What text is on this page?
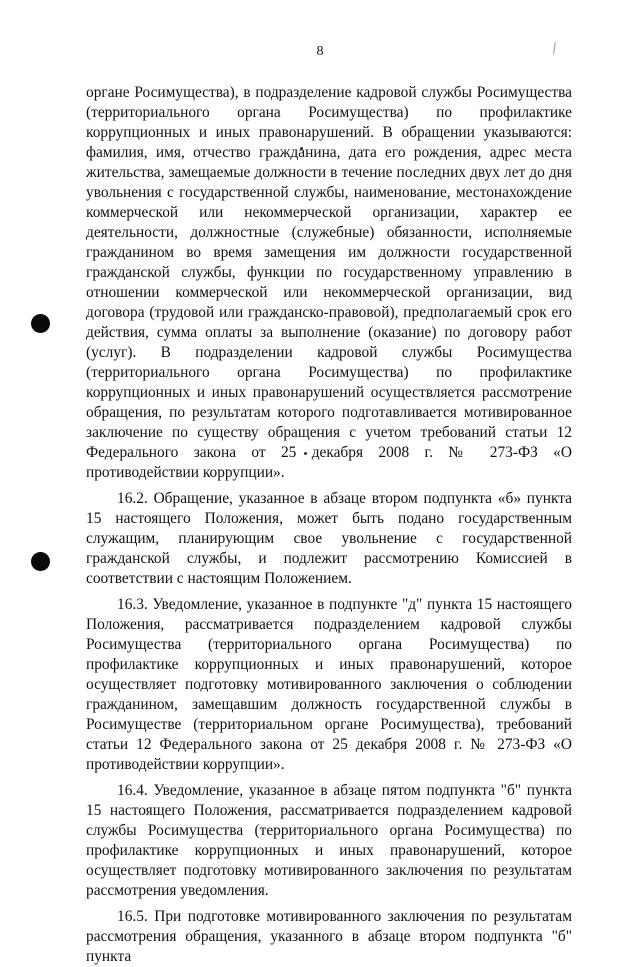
8

органе Росимущества), в подразделение кадровой службы Росимущества (территориального органа Росимущества) по профилактике коррупционных и иных правонарушений. В обращении указываются: фамилия, имя, отчество гражданина, дата его рождения, адрес места жительства, замещаемые должности в течение последних двух лет до дня увольнения с государственной службы, наименование, местонахождение коммерческой или некоммерческой организации, характер ее деятельности, должностные (служебные) обязанности, исполняемые гражданином во время замещения им должности государственной гражданской службы, функции по государственному управлению в отношении коммерческой или некоммерческой организации, вид договора (трудовой или гражданско-правовой), предполагаемый срок его действия, сумма оплаты за выполнение (оказание) по договору работ (услуг). В подразделении кадровой службы Росимущества (территориального органа Росимущества) по профилактике коррупционных и иных правонарушений осуществляется рассмотрение обращения, по результатам которого подготавливается мотивированное заключение по существу обращения с учетом требований статьи 12 Федерального закона от 25 декабря 2008 г. № 273-ФЗ «О противодействии коррупции».

16.2. Обращение, указанное в абзаце втором подпункта «б» пункта 15 настоящего Положения, может быть подано государственным служащим, планирующим свое увольнение с государственной гражданской службы, и подлежит рассмотрению Комиссией в соответствии с настоящим Положением.

16.3. Уведомление, указанное в подпункте "д" пункта 15 настоящего Положения, рассматривается подразделением кадровой службы Росимущества (территориального органа Росимущества) по профилактике коррупционных и иных правонарушений, которое осуществляет подготовку мотивированного заключения о соблюдении гражданином, замещавшим должность государственной службы в Росимуществе (территориальном органе Росимущества), требований статьи 12 Федерального закона от 25 декабря 2008 г. № 273-ФЗ «О противодействии коррупции».

16.4. Уведомление, указанное в абзаце пятом подпункта "б" пункта 15 настоящего Положения, рассматривается подразделением кадровой службы Росимущества (территориального органа Росимущества) по профилактике коррупционных и иных правонарушений, которое осуществляет подготовку мотивированного заключения по результатам рассмотрения уведомления.

16.5. При подготовке мотивированного заключения по результатам рассмотрения обращения, указанного в абзаце втором подпункта "б" пункта
